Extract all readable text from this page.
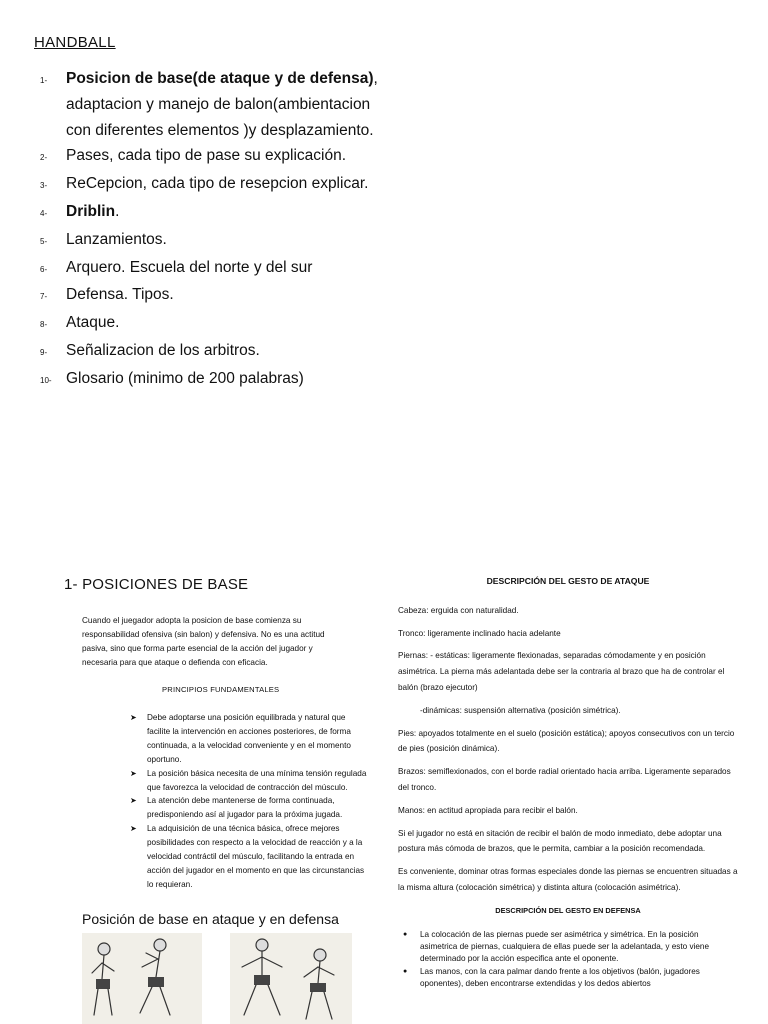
HANDBALL
1-	Posicion de base(de ataque y de defensa), adaptacion y manejo de balon(ambientacion con diferentes elementos )y desplazamiento.
2-	Pases, cada tipo de pase su explicación.
3-	ReCepcion, cada tipo de resepcion explicar.
4-	Driblin.
5-	Lanzamientos.
6-	Arquero. Escuela del norte y del sur
7-	Defensa. Tipos.
8-	Ataque.
9-	Señalizacion de los arbitros.
10- Glosario (minimo de 200 palabras)
1- POSICIONES DE BASE
Cuando el juegador adopta la posicion de base comienza su responsabilidad ofensiva (sin balon) y defensiva. No es una actitud pasiva, sino que forma parte esencial de la acción del jugador y necesaria para que ataque o defienda con eficacia.
PRINCIPIOS FUNDAMENTALES
➤ Debe adoptarse una posición equilibrada y natural que facilite la intervención en acciones posteriores, de forma continuada, a la velocidad conveniente y en el momento oportuno.
➤ La posición básica necesita de una mínima tensión regulada que favorezca la velocidad de contracción del músculo.
➤ La atención debe mantenerse de forma continuada, predisponiendo así al jugador para la próxima jugada.
➤ La adquisición de una técnica básica, ofrece mejores posibilidades con respecto a la velocidad de reacción y a la velocidad contráctil del músculo, facilitando la entrada en acción del jugador en el momento en que las circunstancias lo requieran.
Posición de base en ataque y en defensa
DESCRIPCIÓN DEL GESTO DE ATAQUE

Cabeza: erguida con naturalidad.

Tronco: ligeramente inclinado hacia adelante

Piernas: - estáticas: ligeramente flexionadas, separadas cómodamente y en posición asimétrica. La pierna más adelantada debe ser la contraria al brazo que ha de controlar el balón (brazo ejecutor)

-dinámicas: suspensión alternativa (posición simétrica).

Pies: apoyados totalmente en el suelo (posición estática); apoyos consecutivos con un tercio de pies (posición dinámica).

Brazos: semiflexionados, con el borde radial orientado hacia arriba. Ligeramente separados del tronco.

Manos: en actitud apropiada para recibir el balón.

Si el jugador no está en sitación de recibir el balón de modo inmediato, debe adoptar una postura más cómoda de brazos, que le permita, cambiar a la posición recomendada.

Es conveniente, dominar otras formas especiales donde las piernas se encuentren situadas a la misma altura (colocación simétrica) y distinta altura (colocación asimétrica).

DESCRIPCIÓN DEL GESTO EN DEFENSA
● La colocación de las piernas puede ser asimétrica y simétrica. En la posición asimetrica de piernas, cualquiera de ellas puede ser la adelantada, y esto viene determinado por la acción especifica ante el oponente.
● Las manos, con la cara palmar dando frente a los objetivos (balón, jugadores oponentes), deben encontrarse extendidas y los dedos abiertos
